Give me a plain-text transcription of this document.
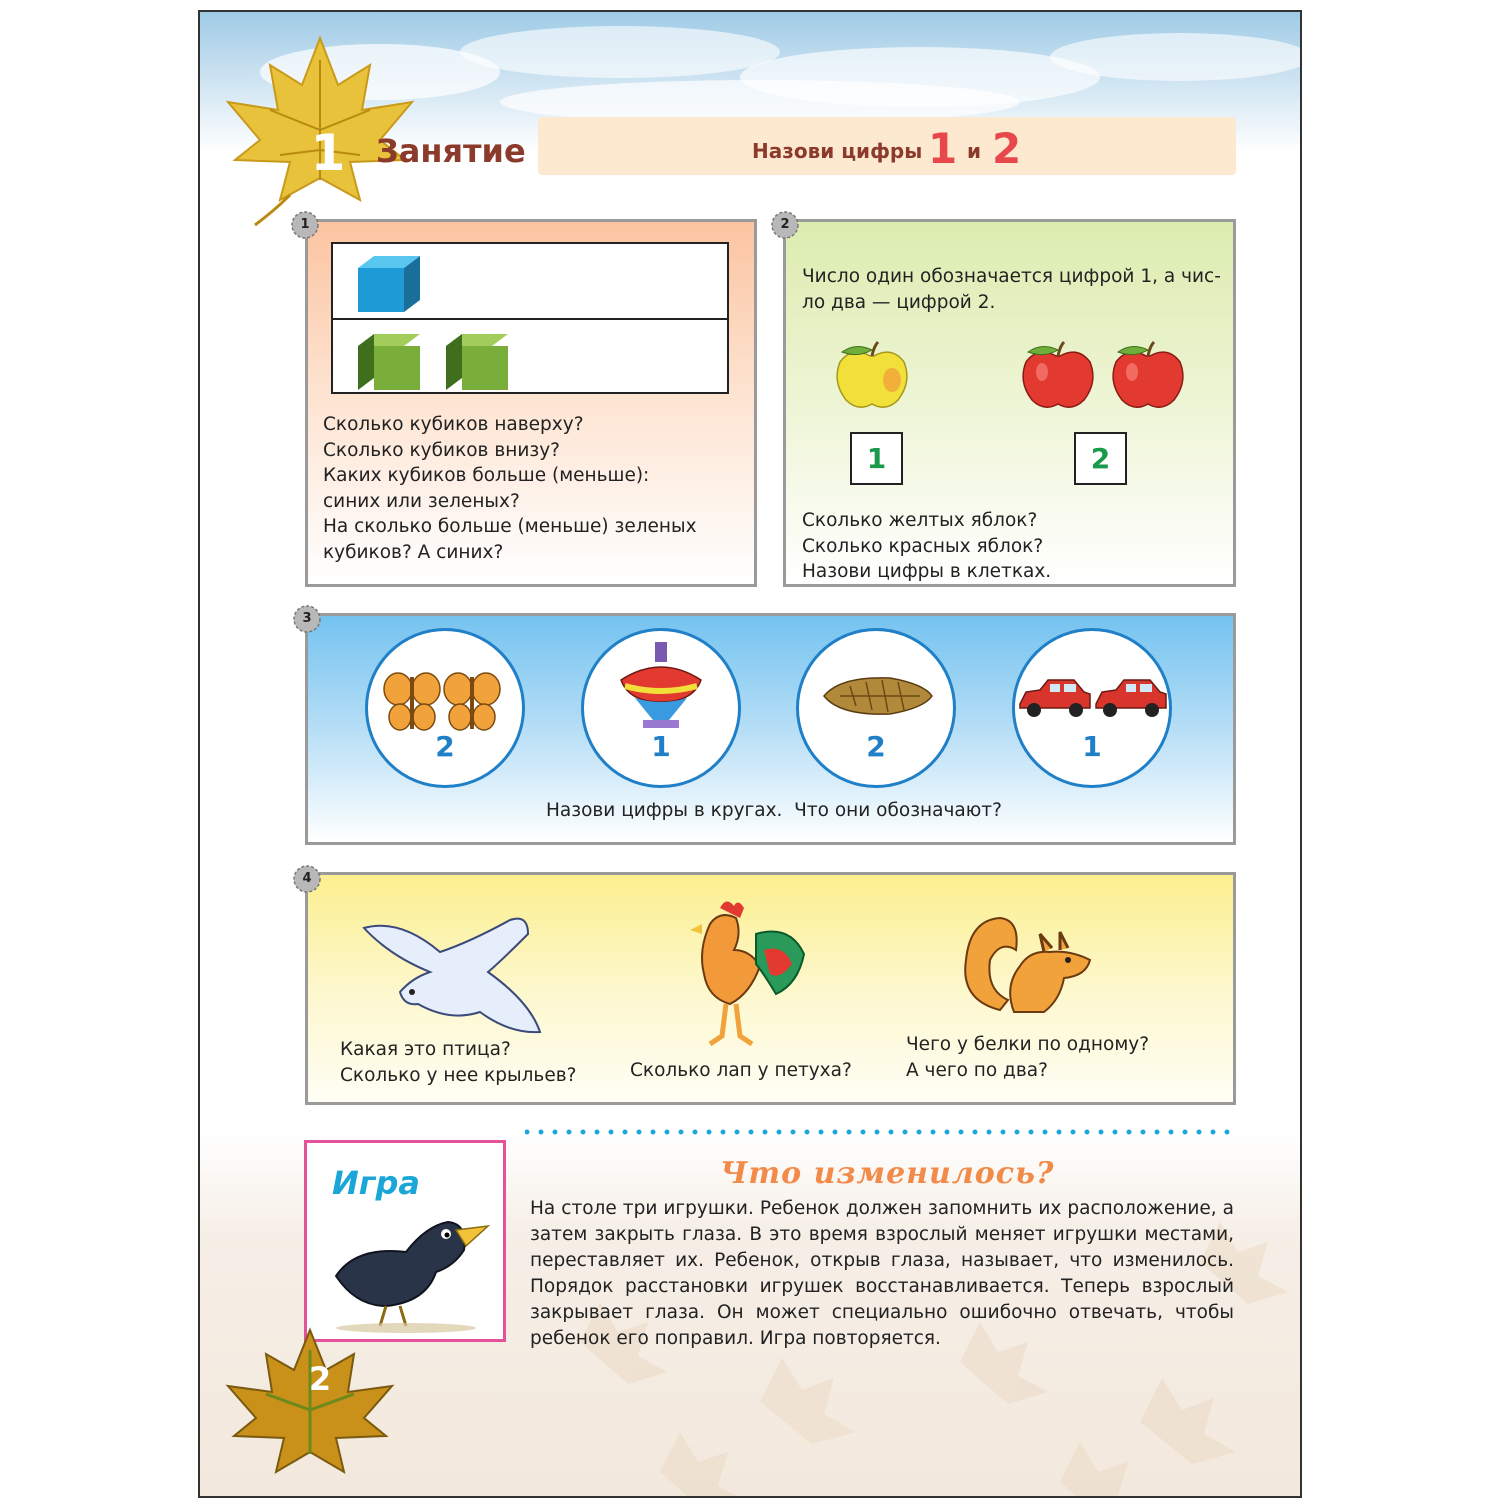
1 Занятие	Назови цифры 1 и 2
1
Сколько кубиков наверху?
Сколько кубиков внизу?
Каких кубиков больше (меньше):
синих или зеленых?
На сколько больше (меньше) зеленых
кубиков? А синих?
2
Число один обозначается цифрой 1, а чис-
ло два — цифрой 2.
1	2
Сколько желтых яблок?
Сколько красных яблок?
Назови цифры в клетках.
3
2	1	2	1
Назови цифры в кругах.  Что они обозначают?
4
Какая это птица?
Сколько у нее крыльев?	Сколько лап у петуха?
Чего у белки по одному?
А чего по два?
Игра	Что изменилось?
На столе три игрушки. Ребенок должен запомнить их расположение, а затем закрыть глаза. В это время взрослый меняет игрушки местами, переставляет их. Ребенок, открыв глаза, называет, что изменилось. Порядок расстановки игрушек восстанавливается. Теперь взрослый закрывает глаза. Он может специально ошибочно отвечать, чтобы ребенок его поправил. Игра повторяется.
2
